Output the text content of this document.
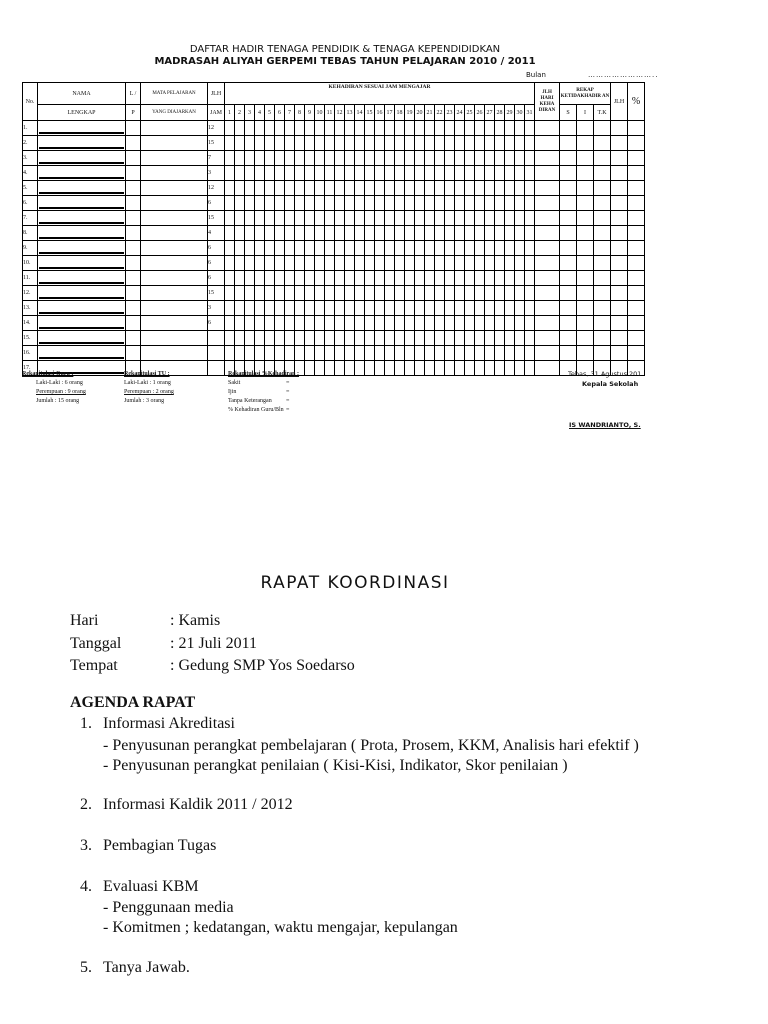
DAFTAR HADIR TENAGA PENDIDIK & TENAGA KEPENDIDIDKAN
MADRASAH ALIYAH GERPEMI TEBAS TAHUN PELAJARAN 2010 / 2011
Bulan	……………………..
No.	NAMA	L /	MATA PELAJARAN	JLH	KEHADIRAN SESUAI JAM MENGAJAR																															JLH HARI KEHA DIRAN	REKAP KETIDAKHADIR AN			JLH	%
	LENGKAP	P	YANG DIAJARKAN	JAM	1	2	3	4	5	6	7	8	9	10	11	12	13	14	15	16	17	18	19	20	21	22	23	24	25	26	27	28	29	30	31		S	I	T.K		
1.				12																																					
2.				15																																					
3.				7																																					
4.				3																																					
5.				12																																					
6.				6																																					
7.				15																																					
8.				4																																					
9.				6																																					
10.				6																																					
11.				6																																					
12.				15																																					
13.				3																																					
14.				6																																					
15.	

16.	

17.	

Rekapitulasi Guru :
Laki-Laki : 6 orang
Perempuan : 9 orang
Jumlah : 15 orang
Rekapitulasi TU :
Laki-Laki : 1 orang
Perempuan : 2 orang
Jumlah : 3 orang
Rekapitulasi %Kehadiran :
Sakit	=
Ijin	=
Tanpa Keterangan	=
% Kehadiran Guru/Bln =
Tebas, 31 Agustus 201
Kepala Sekolah
IS WANDRIANTO, S.
RAPAT KOORDINASI
Hari	: Kamis
Tanggal	: 21 Juli 2011
Tempat	: Gedung SMP Yos Soedarso
AGENDA RAPAT
1. Informasi Akreditasi
- Penyusunan perangkat pembelajaran ( Prota, Prosem, KKM, Analisis hari efektif )
- Penyusunan perangkat penilaian ( Kisi-Kisi, Indikator, Skor penilaian )
2. Informasi Kaldik 2011 / 2012
3. Pembagian Tugas
4. Evaluasi KBM
- Penggunaan media
- Komitmen ; kedatangan, waktu mengajar, kepulangan
5. Tanya Jawab.
